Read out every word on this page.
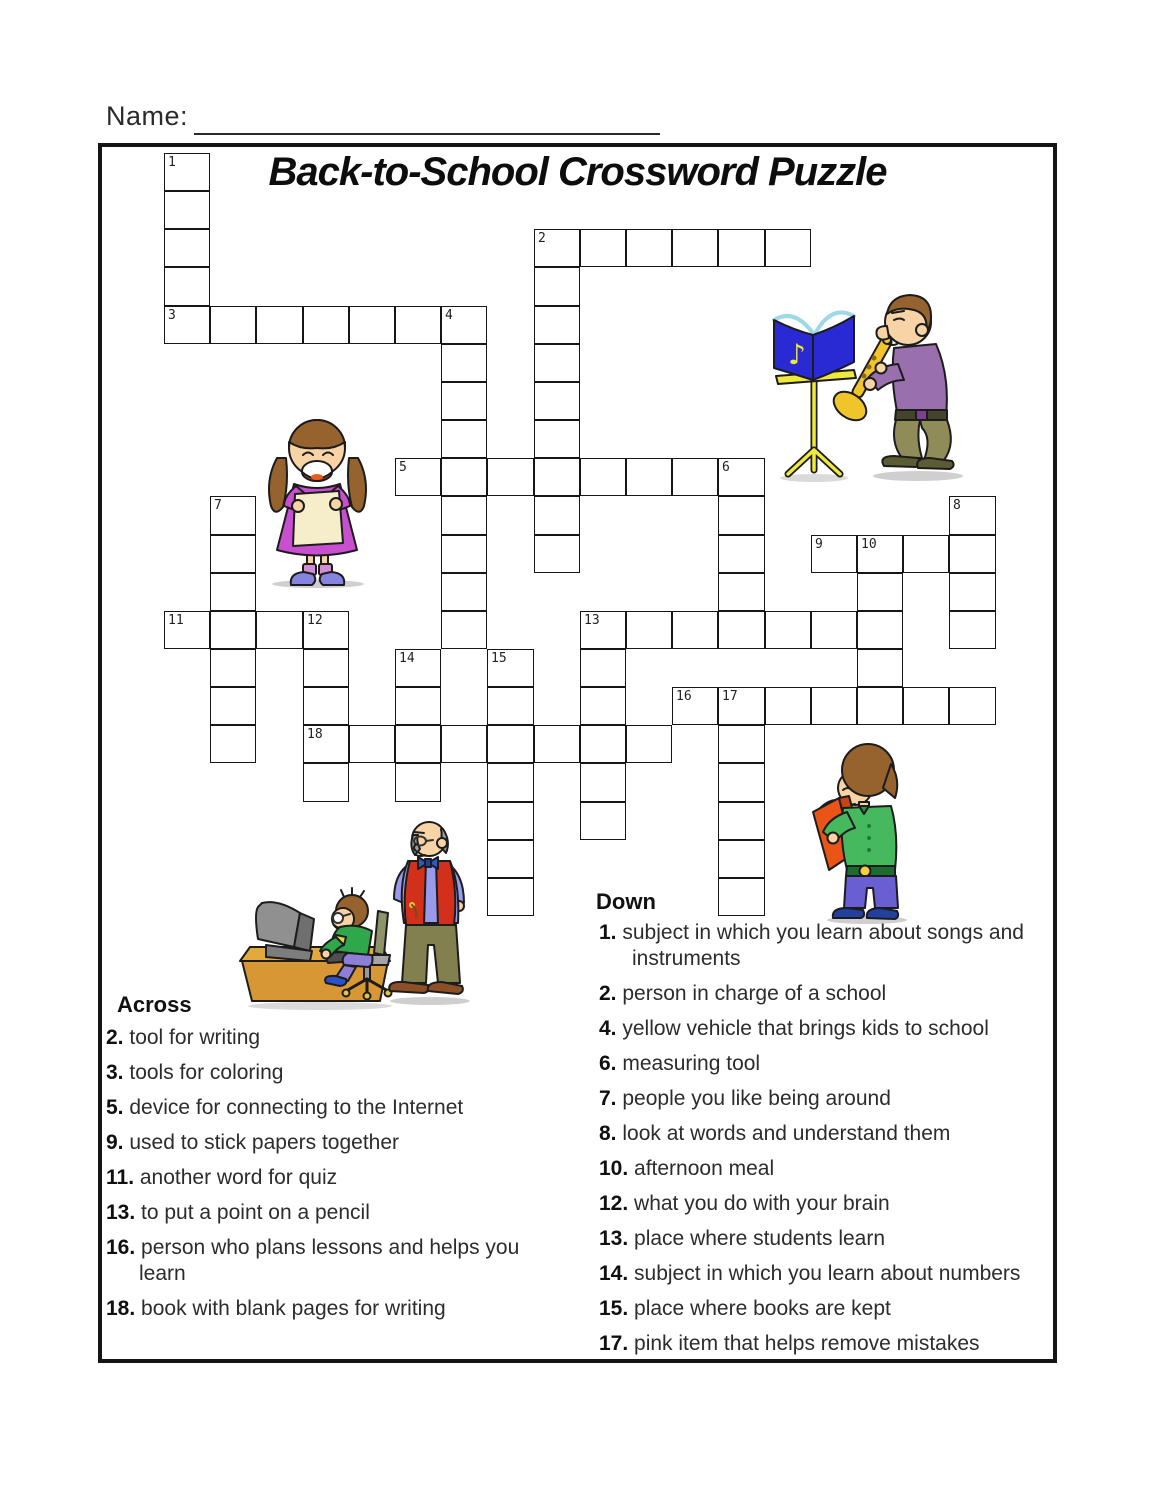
Name:
Back-to-School Crossword Puzzle
1
3
2
4
5	6
7	8
9	10
11	12
18
13
14	15
16	17
♪
Across
2. tool for writing
3. tools for coloring
5. device for connecting to the Internet
9. used to stick papers together
11. another word for quiz
13. to put a point on a pencil
16. person who plans lessons and helps you learn
18. book with blank pages for writing
Down
1. subject in which you learn about songs and instruments
2. person in charge of a school
4. yellow vehicle that brings kids to school
6. measuring tool
7. people you like being around
8. look at words and understand them
10. afternoon meal
12. what you do with your brain
13. place where students learn
14. subject in which you learn about numbers
15. place where books are kept
17. pink item that helps remove mistakes
